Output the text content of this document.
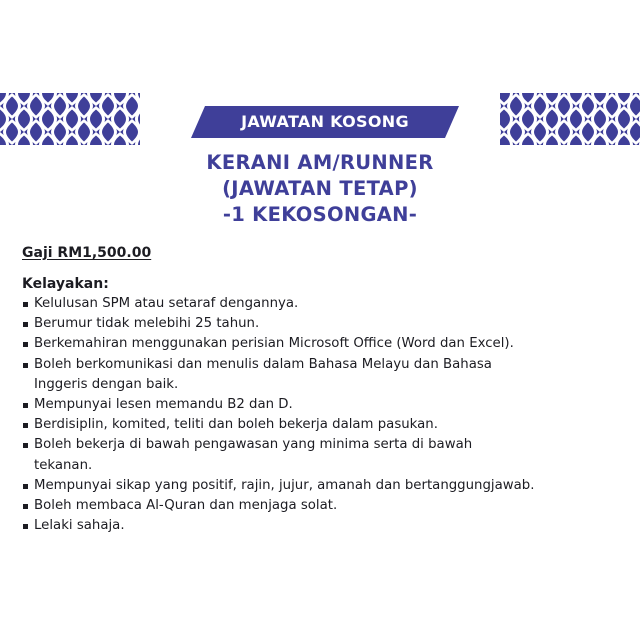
JAWATAN KOSONG
KERANI AM/RUNNER
(JAWATAN TETAP)
-1 KEKOSONGAN-
Gaji RM1,500.00
Kelayakan:
Kelulusan SPM atau setaraf dengannya.
Berumur tidak melebihi 25 tahun.
Berkemahiran menggunakan perisian Microsoft Office (Word dan Excel).
Boleh berkomunikasi dan menulis dalam Bahasa Melayu dan Bahasa
Inggeris dengan baik.
Mempunyai lesen memandu B2 dan D.
Berdisiplin, komited, teliti dan boleh bekerja dalam pasukan.
Boleh bekerja di bawah pengawasan yang minima serta di bawah
tekanan.
Mempunyai sikap yang positif, rajin, jujur, amanah dan bertanggungjawab.
Boleh membaca Al-Quran dan menjaga solat.
Lelaki sahaja.
